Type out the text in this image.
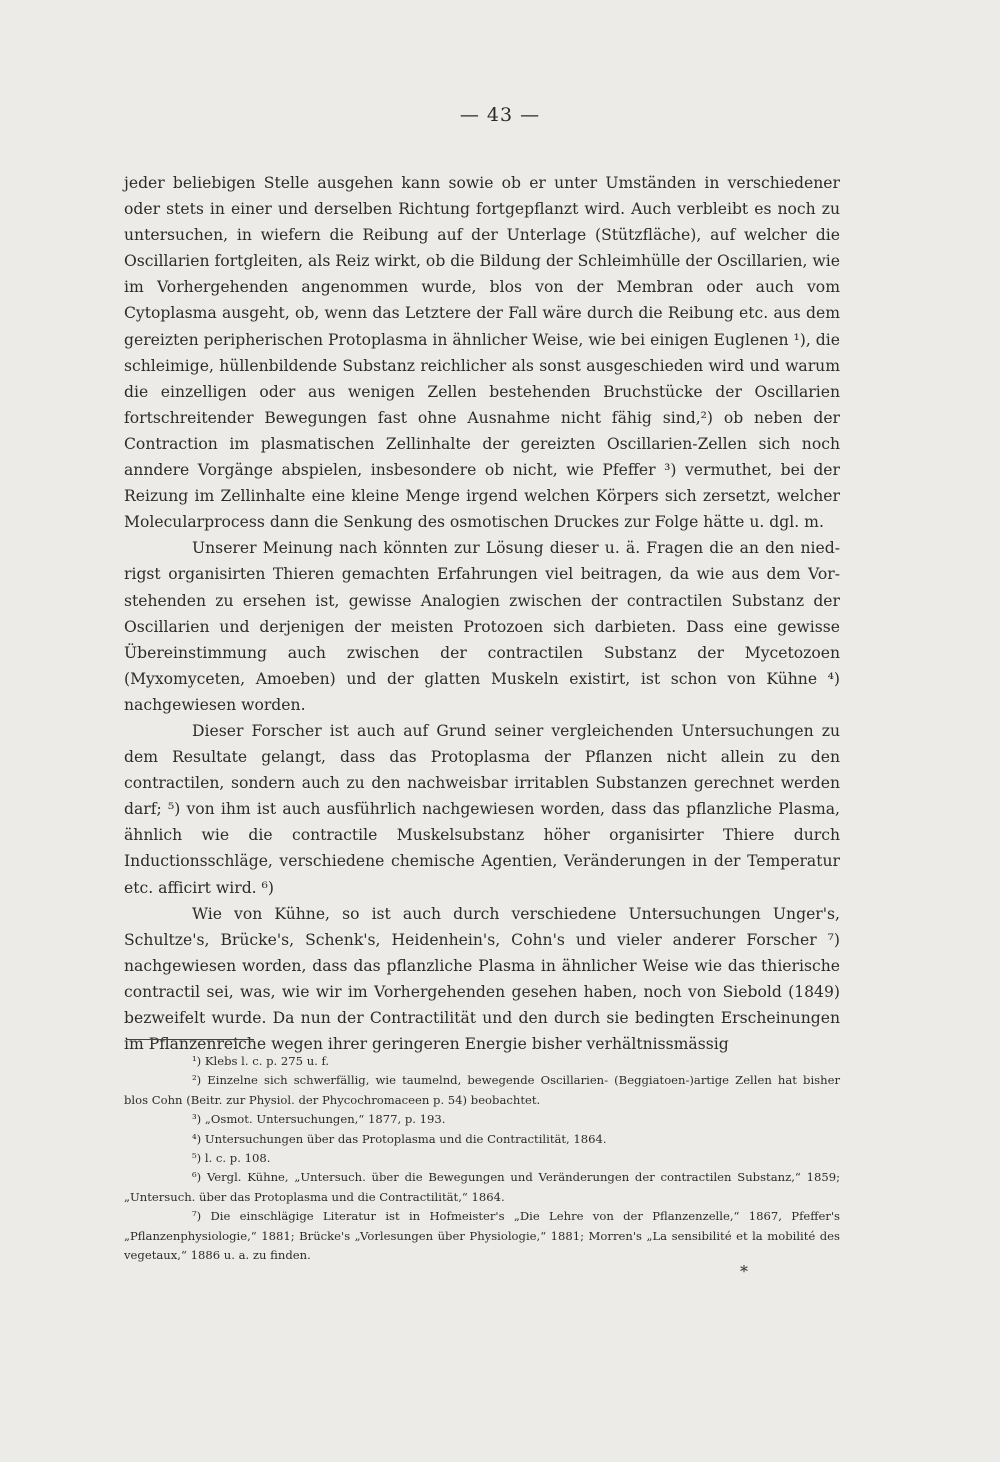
— 43 —

jeder beliebigen Stelle ausgehen kann sowie ob er unter Umständen in verschiedener oder stets in einer und derselben Richtung fortgepflanzt wird. Auch verbleibt es noch zu untersuchen, in wiefern die Reibung auf der Unterlage (Stützfläche), auf welcher die Oscillarien fortgleiten, als Reiz wirkt, ob die Bildung der Schleimhülle der Oscillarien, wie im Vorhergehenden angenommen wurde, blos von der Membran oder auch vom Cytoplasma ausgeht, ob, wenn das Letztere der Fall wäre durch die Reibung etc. aus dem gereizten peripherischen Protoplasma in ähnlicher Weise, wie bei einigen Euglenen ¹), die schleimige, hüllenbildende Substanz reichlicher als sonst ausgeschieden wird und warum die einzelligen oder aus wenigen Zellen bestehenden Bruchstücke der Oscillarien fortschreitender Bewegungen fast ohne Ausnahme nicht fähig sind,²) ob neben der Contraction im plasmatischen Zellinhalte der gereizten Oscillarien-Zellen sich noch anndere Vorgänge abspielen, insbesondere ob nicht, wie Pfeffer ³) vermuthet, bei der Reizung im Zellinhalte eine kleine Menge irgend welchen Körpers sich zersetzt, welcher Molecularprocess dann die Senkung des osmotischen Druckes zur Folge hätte u. dgl. m.

Unserer Meinung nach könnten zur Lösung dieser u. ä. Fragen die an den niedrigst organisirten Thieren gemachten Erfahrungen viel beitragen, da wie aus dem Vorstehenden zu ersehen ist, gewisse Analogien zwischen der contractilen Substanz der Oscillarien und derjenigen der meisten Protozoen sich darbieten. Dass eine gewisse Übereinstimmung auch zwischen der contractilen Substanz der Mycetozoen (Myxomyceten, Amoeben) und der glatten Muskeln existirt, ist schon von Kühne ⁴) nachgewiesen worden.

Dieser Forscher ist auch auf Grund seiner vergleichenden Untersuchungen zu dem Resultate gelangt, dass das Protoplasma der Pflanzen nicht allein zu den contractilen, sondern auch zu den nachweisbar irritablen Substanzen gerechnet werden darf; ⁵) von ihm ist auch ausführlich nachgewiesen worden, dass das pflanzliche Plasma, ähnlich wie die contractile Muskelsubstanz höher organisirter Thiere durch Inductionsschläge, verschiedene chemische Agentien, Veränderungen in der Temperatur etc. afficirt wird. ⁶)

Wie von Kühne, so ist auch durch verschiedene Untersuchungen Unger's, Schultze's, Brücke's, Schenk's, Heidenhein's, Cohn's und vieler anderer Forscher ⁷) nachgewiesen worden, dass das pflanzliche Plasma in ähnlicher Weise wie das thierische contractil sei, was, wie wir im Vorhergehenden gesehen haben, noch von Siebold (1849) bezweifelt wurde. Da nun der Contractilität und den durch sie bedingten Erscheinungen im Pflanzenreiche wegen ihrer geringeren Energie bisher verhältnissmässig

¹) Klebs l. c. p. 275 u. f.

²) Einzelne sich schwerfällig, wie taumelnd, bewegende Oscillarien- (Beggiatoen-)artige Zellen hat bisher blos Cohn (Beitr. zur Physiol. der Phycochromaceen p. 54) beobachtet.

³) „Osmot. Untersuchungen,“ 1877, p. 193.

⁴) Untersuchungen über das Protoplasma und die Contractilität, 1864.

⁵) l. c. p. 108.

⁶) Vergl. Kühne, „Untersuch. über die Bewegungen und Veränderungen der contractilen Substanz,“ 1859; „Untersuch. über das Protoplasma und die Contractilität,“ 1864.

⁷) Die einschlägige Literatur ist in Hofmeister's „Die Lehre von der Pflanzenzelle,“ 1867, Pfeffer's „Pflanzenphysiologie,“ 1881; Brücke's „Vorlesungen über Physiologie,“ 1881; Morren's „La sensibilité et la mobilité des vegetaux,“ 1886 u. a. zu finden.

*
